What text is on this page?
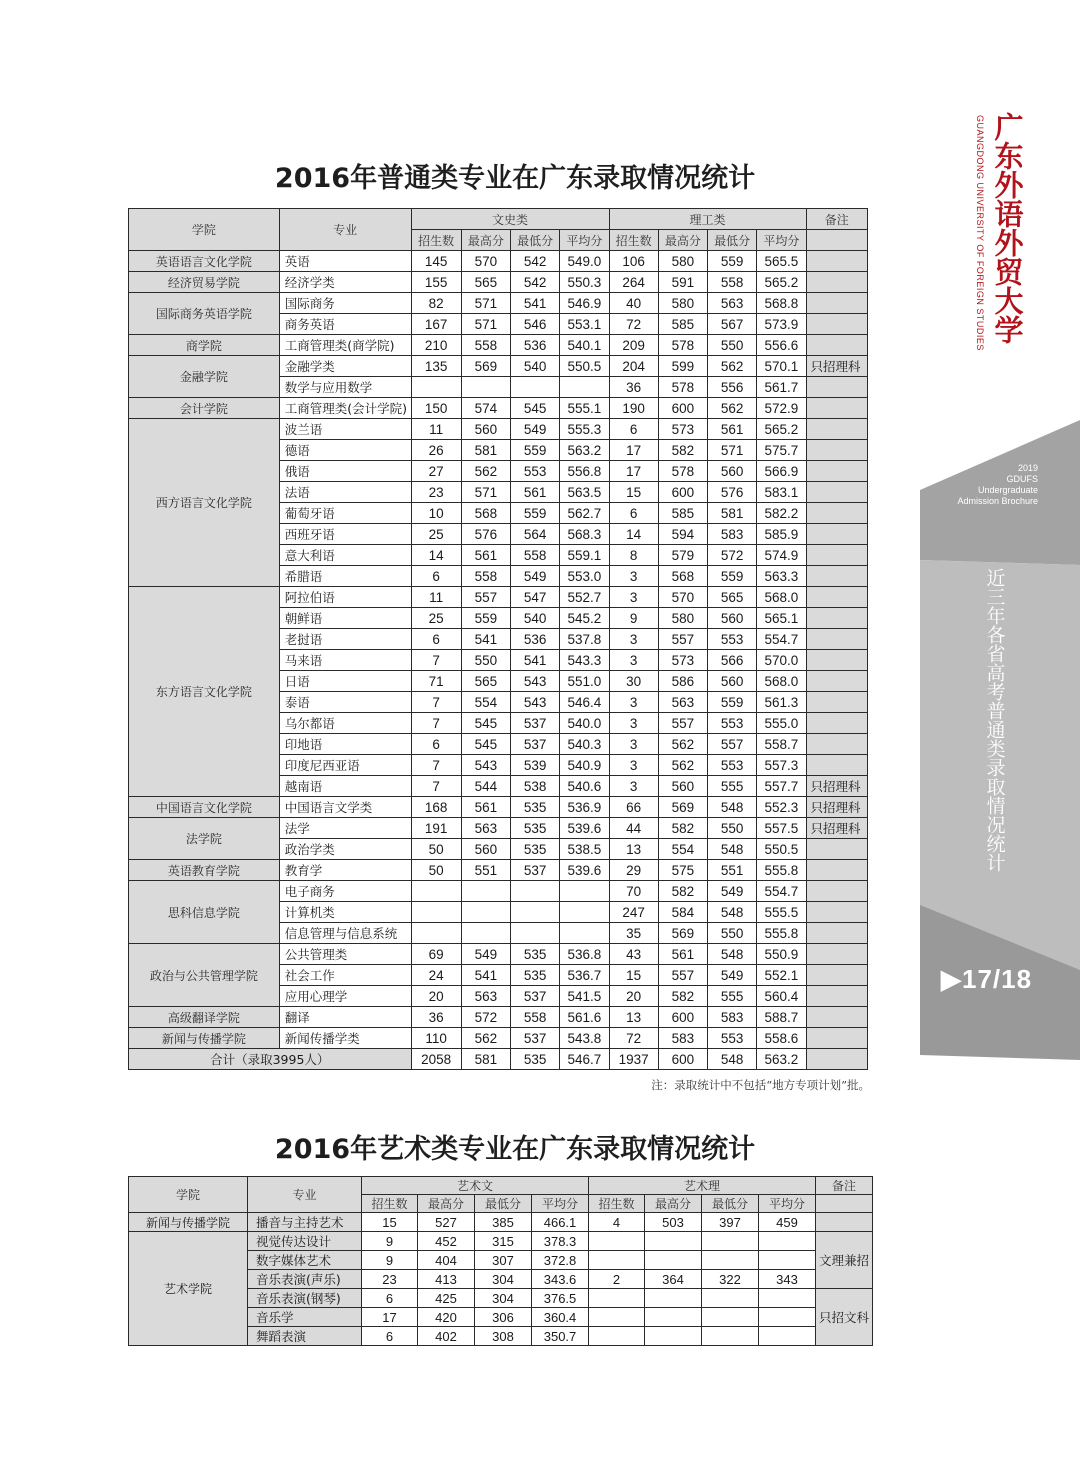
广东外语外贸大学
GUANGDONG UNIVERSITY OF FOREIGN STUDIES
2019
GDUFS
Undergraduate
Admission Brochure
近三年各省高考普通类录取情况统计
▶17/18
2016年普通类专业在广东录取情况统计
学院	专业	文史类				理工类				备注
		招生数	最高分	最低分	平均分	招生数	最高分	最低分	平均分	
英语语言文化学院	英语	145	570	542	549.0	106	580	559	565.5	
经济贸易学院	经济学类	155	565	542	550.3	264	591	558	565.2	
国际商务英语学院	国际商务	82	571	541	546.9	40	580	563	568.8	
	商务英语	167	571	546	553.1	72	585	567	573.9	
商学院	工商管理类(商学院)	210	558	536	540.1	209	578	550	556.6	
金融学院	金融学类	135	569	540	550.5	204	599	562	570.1	只招理科
	数学与应用数学					36	578	556	561.7	
会计学院	工商管理类(会计学院)	150	574	545	555.1	190	600	562	572.9	
西方语言文化学院	波兰语	11	560	549	555.3	6	573	561	565.2	
	德语	26	581	559	563.2	17	582	571	575.7	
	俄语	27	562	553	556.8	17	578	560	566.9	
	法语	23	571	561	563.5	15	600	576	583.1	
	葡萄牙语	10	568	559	562.7	6	585	581	582.2	
	西班牙语	25	576	564	568.3	14	594	583	585.9	
	意大利语	14	561	558	559.1	8	579	572	574.9	
	希腊语	6	558	549	553.0	3	568	559	563.3	
东方语言文化学院	阿拉伯语	11	557	547	552.7	3	570	565	568.0	
	朝鲜语	25	559	540	545.2	9	580	560	565.1	
	老挝语	6	541	536	537.8	3	557	553	554.7	
	马来语	7	550	541	543.3	3	573	566	570.0	
	日语	71	565	543	551.0	30	586	560	568.0	
	泰语	7	554	543	546.4	3	563	559	561.3	
	乌尔都语	7	545	537	540.0	3	557	553	555.0	
	印地语	6	545	537	540.3	3	562	557	558.7	
	印度尼西亚语	7	543	539	540.9	3	562	553	557.3	
	越南语	7	544	538	540.6	3	560	555	557.7	只招理科
中国语言文化学院	中国语言文学类	168	561	535	536.9	66	569	548	552.3	只招理科
法学院	法学	191	563	535	539.6	44	582	550	557.5	只招理科
	政治学类	50	560	535	538.5	13	554	548	550.5	
英语教育学院	教育学	50	551	537	539.6	29	575	551	555.8	
思科信息学院	电子商务					70	582	549	554.7	
	计算机类					247	584	548	555.5	
	信息管理与信息系统					35	569	550	555.8	
政治与公共管理学院	公共管理类	69	549	535	536.8	43	561	548	550.9	
	社会工作	24	541	535	536.7	15	557	549	552.1	
	应用心理学	20	563	537	541.5	20	582	555	560.4	
高级翻译学院	翻译	36	572	558	561.6	13	600	583	588.7	
新闻与传播学院	新闻传播学类	110	562	537	543.8	72	583	553	558.6	
合计（录取3995人）		2058	581	535	546.7	1937	600	548	563.2	
注：录取统计中不包括“地方专项计划”批。
2016年艺术类专业在广东录取情况统计
学院	专业	艺术文				艺术理				备注
		招生数	最高分	最低分	平均分	招生数	最高分	最低分	平均分	
新闻与传播学院	播音与主持艺术	15	527	385	466.1	4	503	397	459	
艺术学院	视觉传达设计	9	452	315	378.3					文理兼招
	数字媒体艺术	9	404	307	372.8					
	音乐表演(声乐)	23	413	304	343.6	2	364	322	343	
	音乐表演(钢琴)	6	425	304	376.5					只招文科
	音乐学	17	420	306	360.4					
	舞蹈表演	6	402	308	350.7					
